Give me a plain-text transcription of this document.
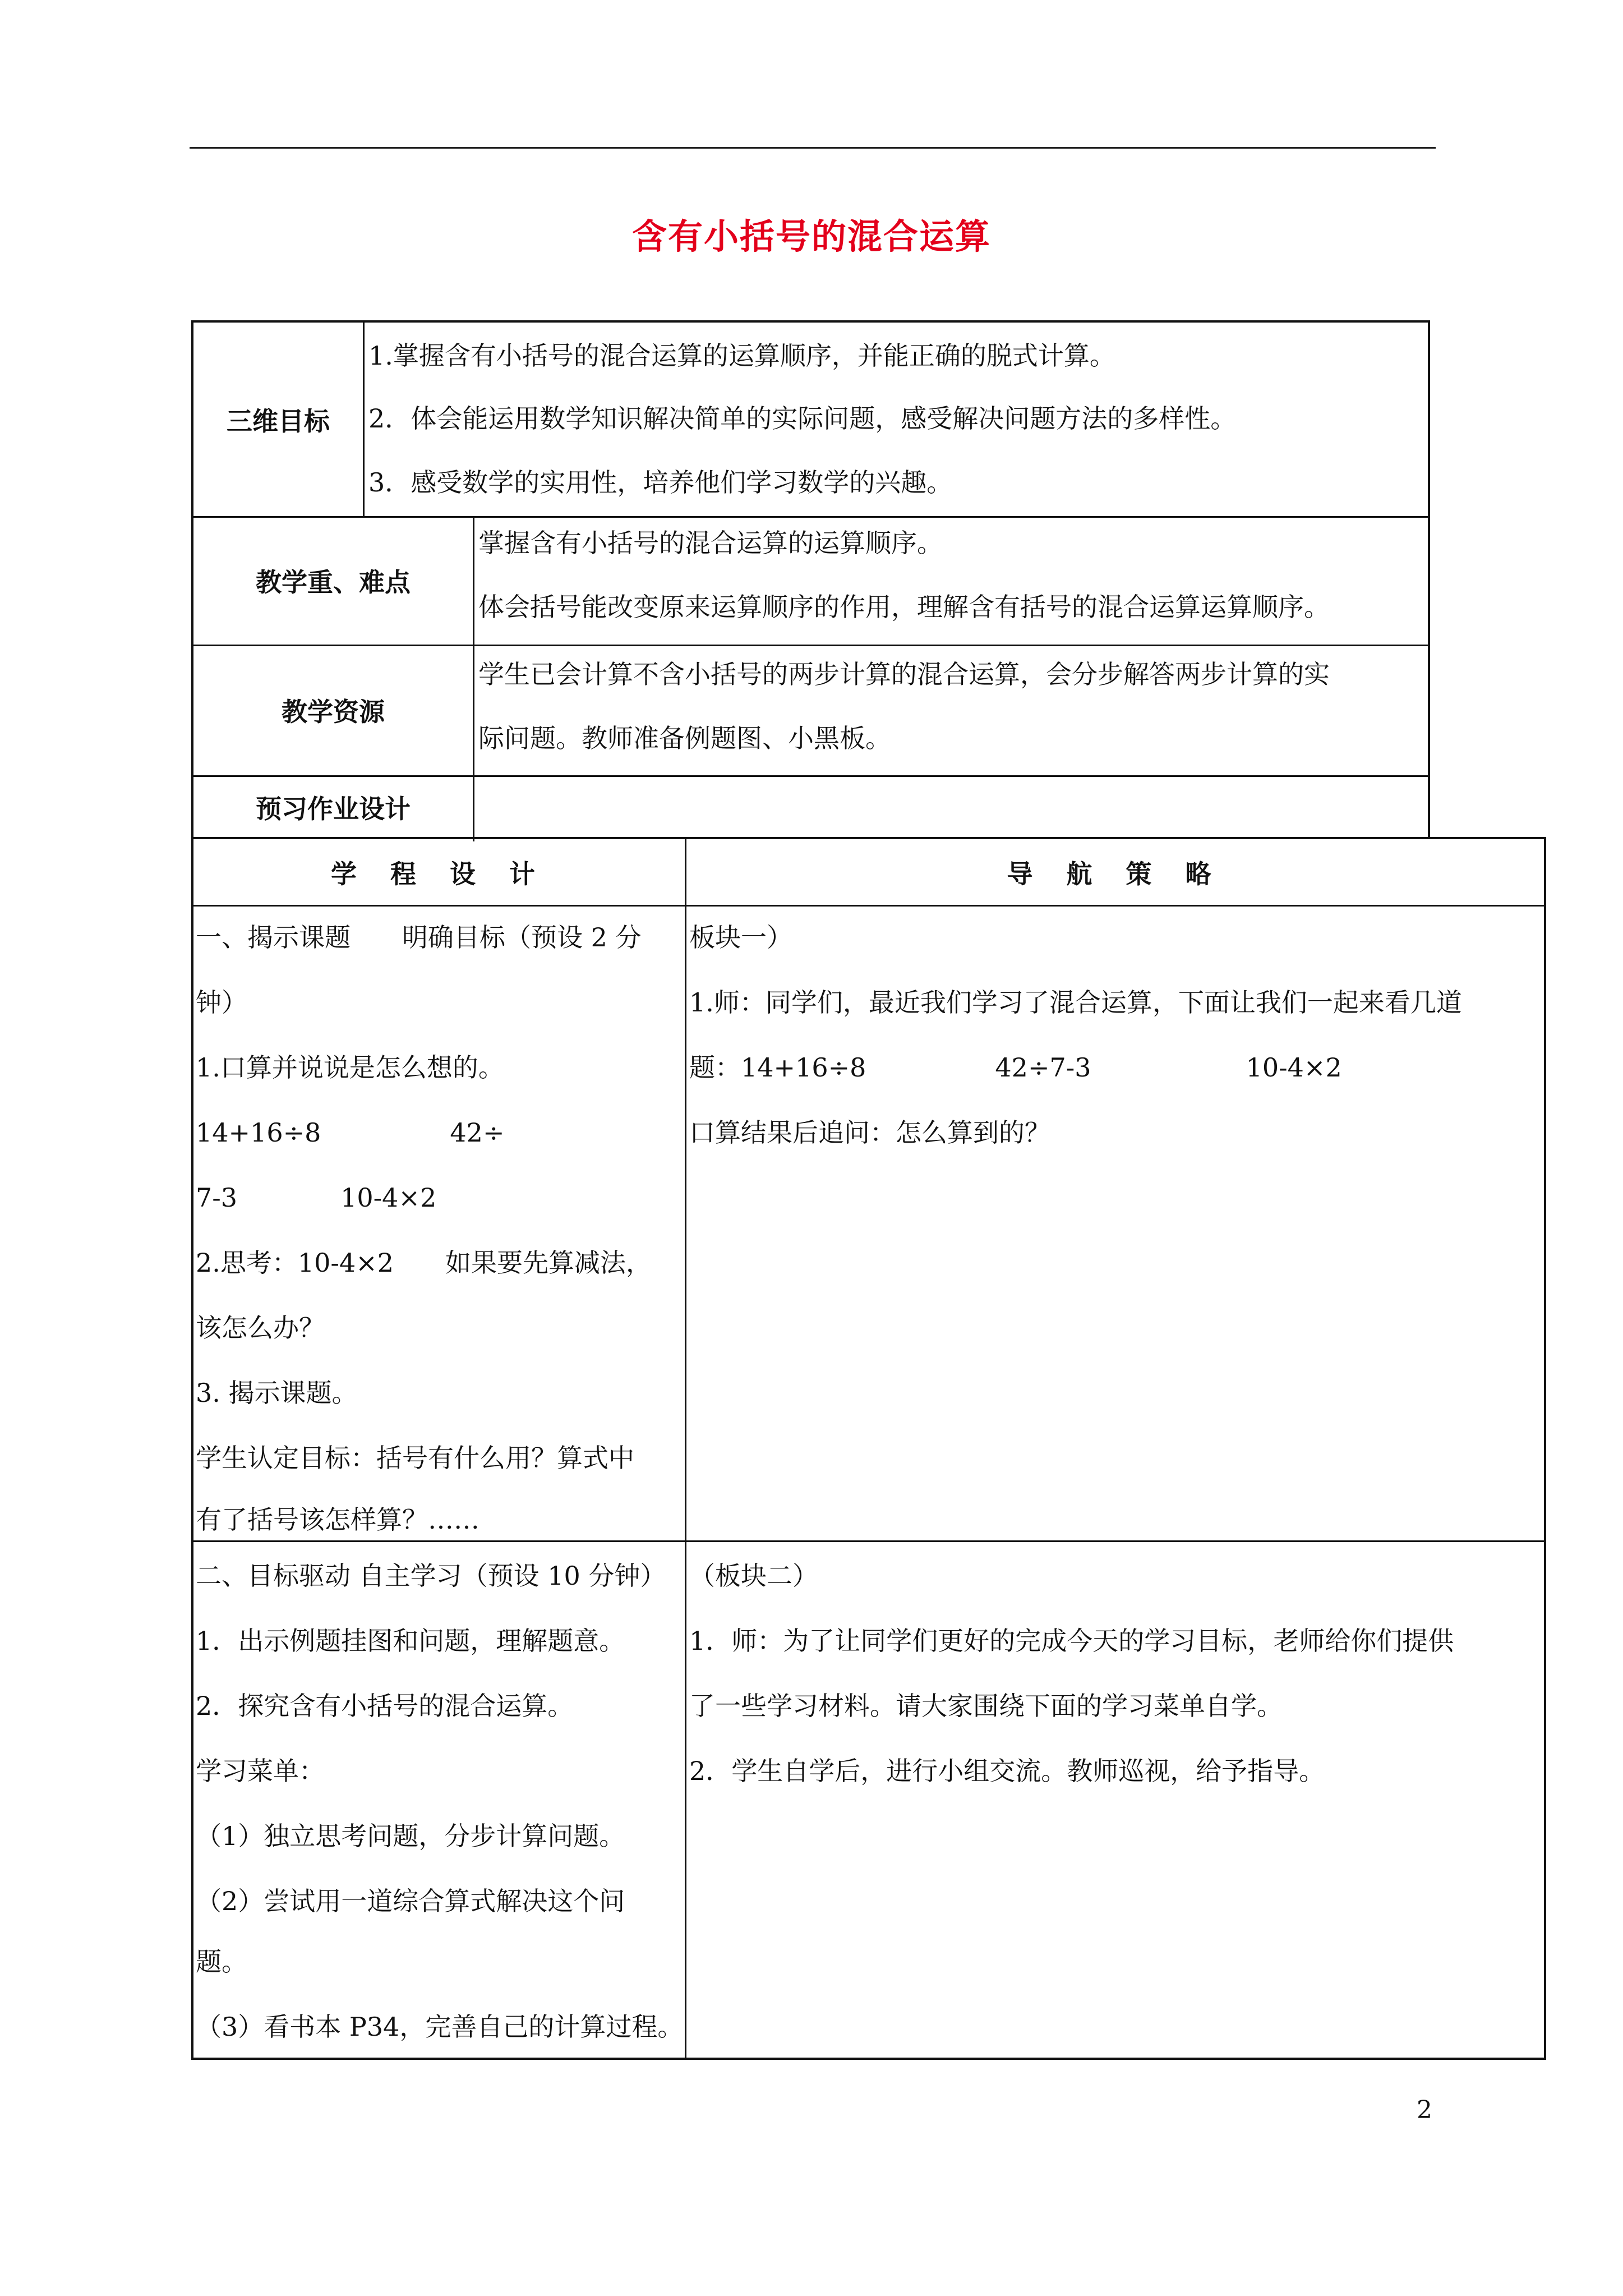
含有小括号的混合运算
三维目标
1.掌握含有小括号的混合运算的运算顺序，并能正确的脱式计算。
2．体会能运用数学知识解决简单的实际问题，感受解决问题方法的多样性。
3．感受数学的实用性，培养他们学习数学的兴趣。
教学重、难点
掌握含有小括号的混合运算的运算顺序。
体会括号能改变原来运算顺序的作用，理解含有括号的混合运算运算顺序。
教学资源
学生已会计算不含小括号的两步计算的混合运算，会分步解答两步计算的实
际问题。教师准备例题图、小黑板。
预习作业设计
学 程 设 计	导 航 策 略
一、揭示课题　　明确目标（预设 2 分
钟）
1.口算并说说是怎么想的。
14+16÷8　　　　　42÷
7-3　　　　10-4×2
2.思考：10-4×2　　如果要先算减法，
该怎么办？
3. 揭示课题。
学生认定目标：括号有什么用？算式中
有了括号该怎样算？……
板块一）
1.师：同学们，最近我们学习了混合运算，下面让我们一起来看几道
题：14+16÷8　　　　　42÷7-3　　　　　　10-4×2
口算结果后追问：怎么算到的？
二、目标驱动 自主学习（预设 10 分钟）
1．出示例题挂图和问题，理解题意。
2．探究含有小括号的混合运算。
学习菜单：
（1）独立思考问题，分步计算问题。
（2）尝试用一道综合算式解决这个问
题。
（3）看书本 P34，完善自己的计算过程。
（板块二）
1．师：为了让同学们更好的完成今天的学习目标，老师给你们提供
了一些学习材料。请大家围绕下面的学习菜单自学。
2．学生自学后，进行小组交流。教师巡视，给予指导。
2
